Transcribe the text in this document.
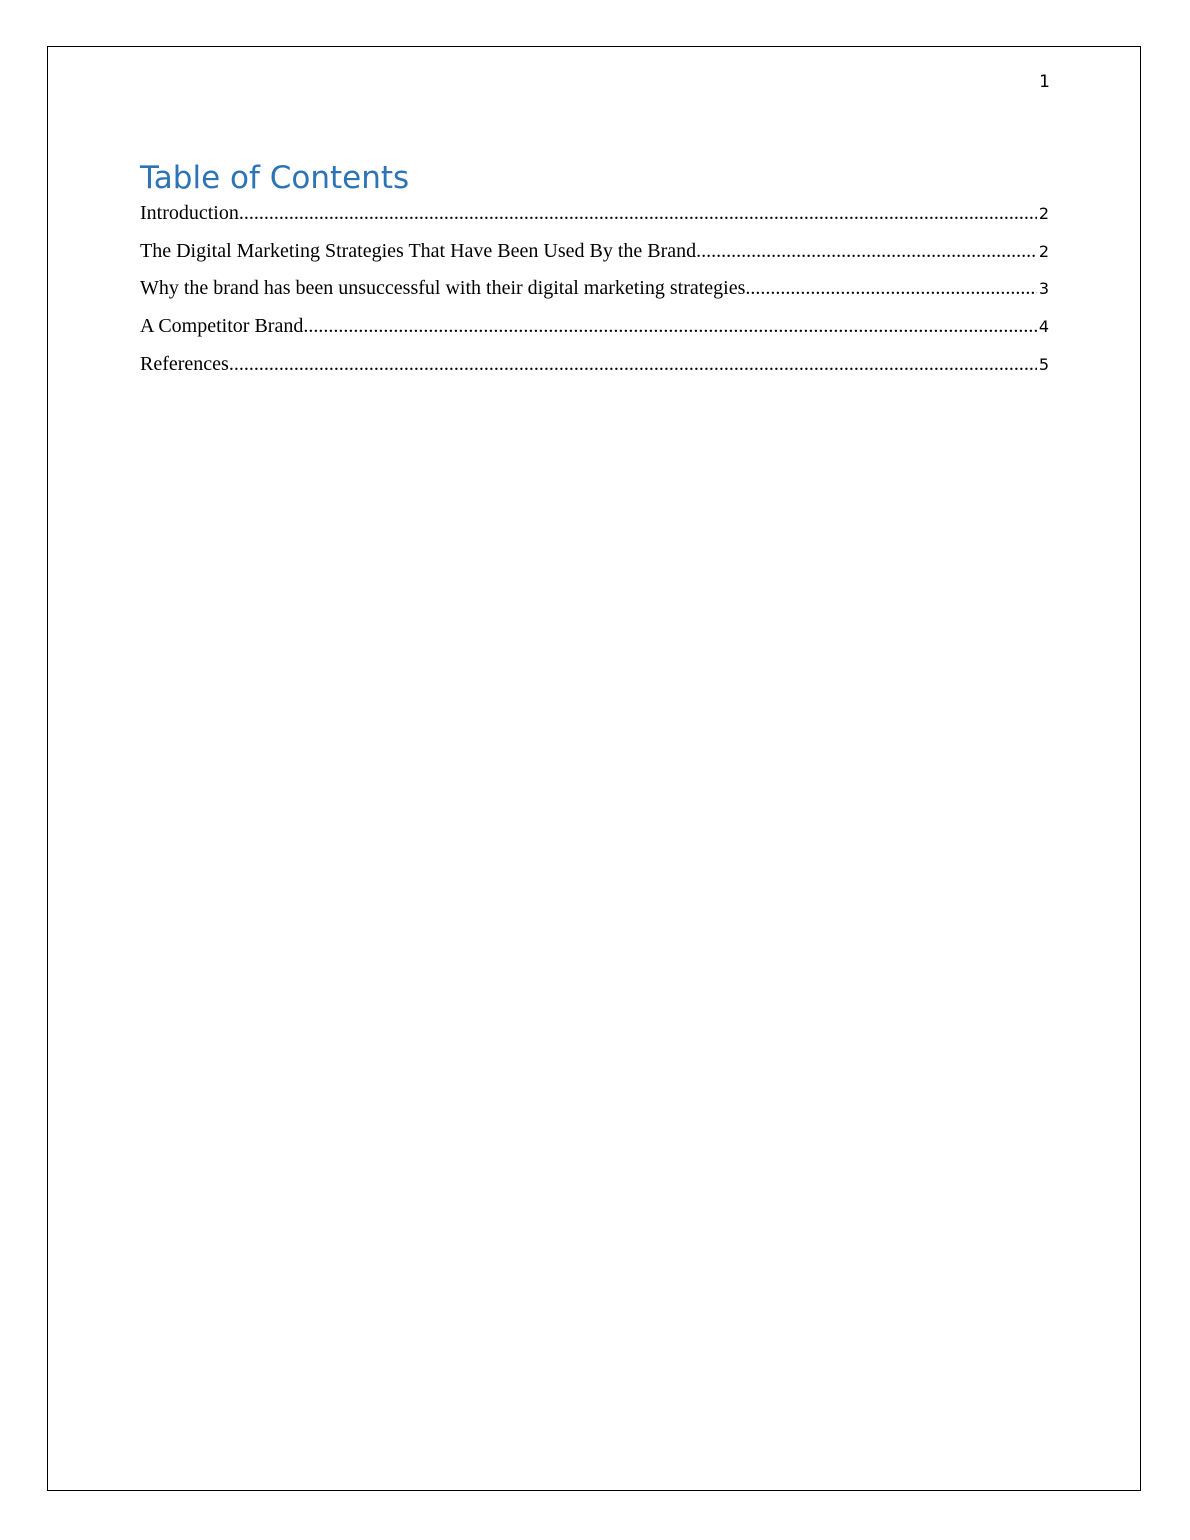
1
Table of Contents
Introduction .....	2
The Digital Marketing Strategies That Have Been Used By the Brand .....	2
Why the brand has been unsuccessful with their digital marketing strategies .....	3
A Competitor Brand .....	4
References .....	5
